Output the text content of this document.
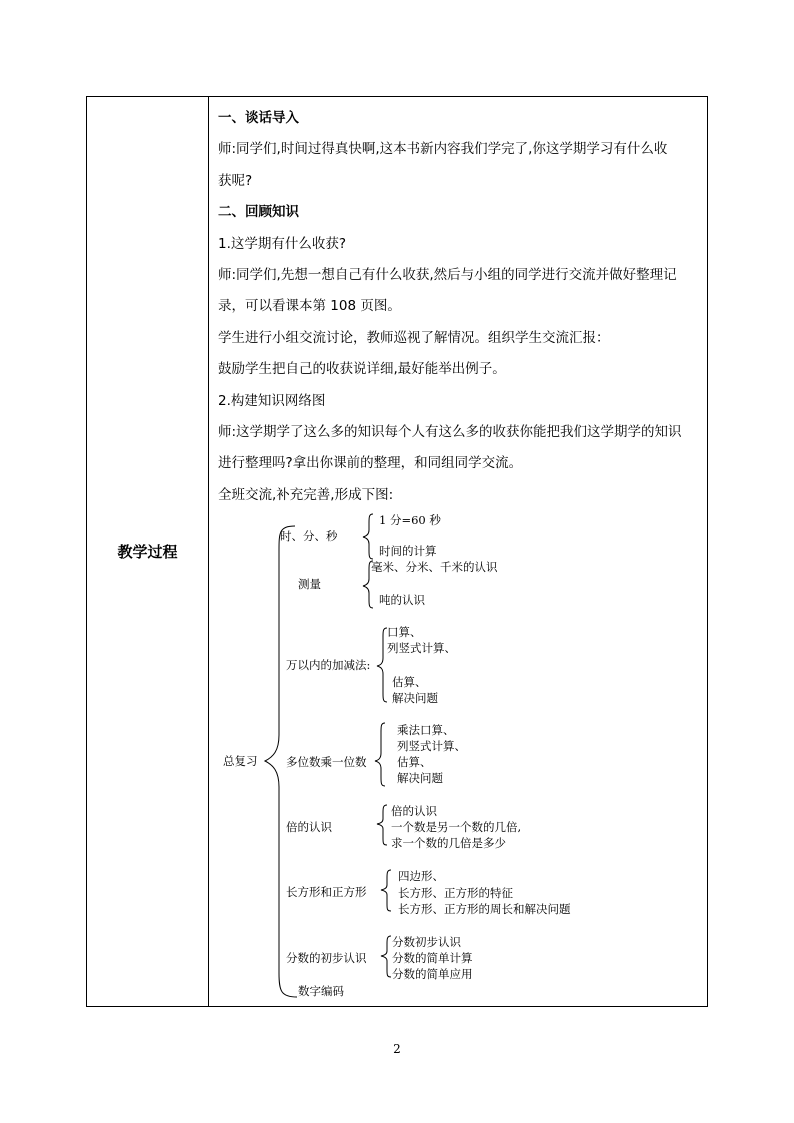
教学过程

一、谈话导入

师:同学们,时间过得真快啊,这本书新内容我们学完了,你这学期学习有什么收

获呢?

二、回顾知识

1.这学期有什么收获?

师:同学们,先想一想自己有什么收获,然后与小组的同学进行交流并做好整理记

录，可以看课本第 108 页图。

学生进行小组交流讨论，教师巡视了解情况。组织学生交流汇报：

鼓励学生把自己的收获说详细,最好能举出例子。

2.构建知识网络图

师:这学期学了这么多的知识每个人有这么多的收获你能把我们这学期学的知识

进行整理吗?拿出你课前的整理，和同组同学交流。

全班交流,补充完善,形成下图:

总复习
时、分、秒
1 分=60 秒
时间的计算
测量
毫米、分米、千米的认识
吨的认识
万以内的加减法:
口算、
列竖式计算、
估算、
解决问题
多位数乘一位数
乘法口算、
列竖式计算、
估算、
解决问题
倍的认识
倍的认识
一个数是另一个数的几倍,
求一个数的几倍是多少
长方形和正方形
四边形、
长方形、正方形的特征
长方形、正方形的周长和解决问题
分数的初步认识
分数初步认识
分数的简单计算
分数的简单应用
数字编码
2
